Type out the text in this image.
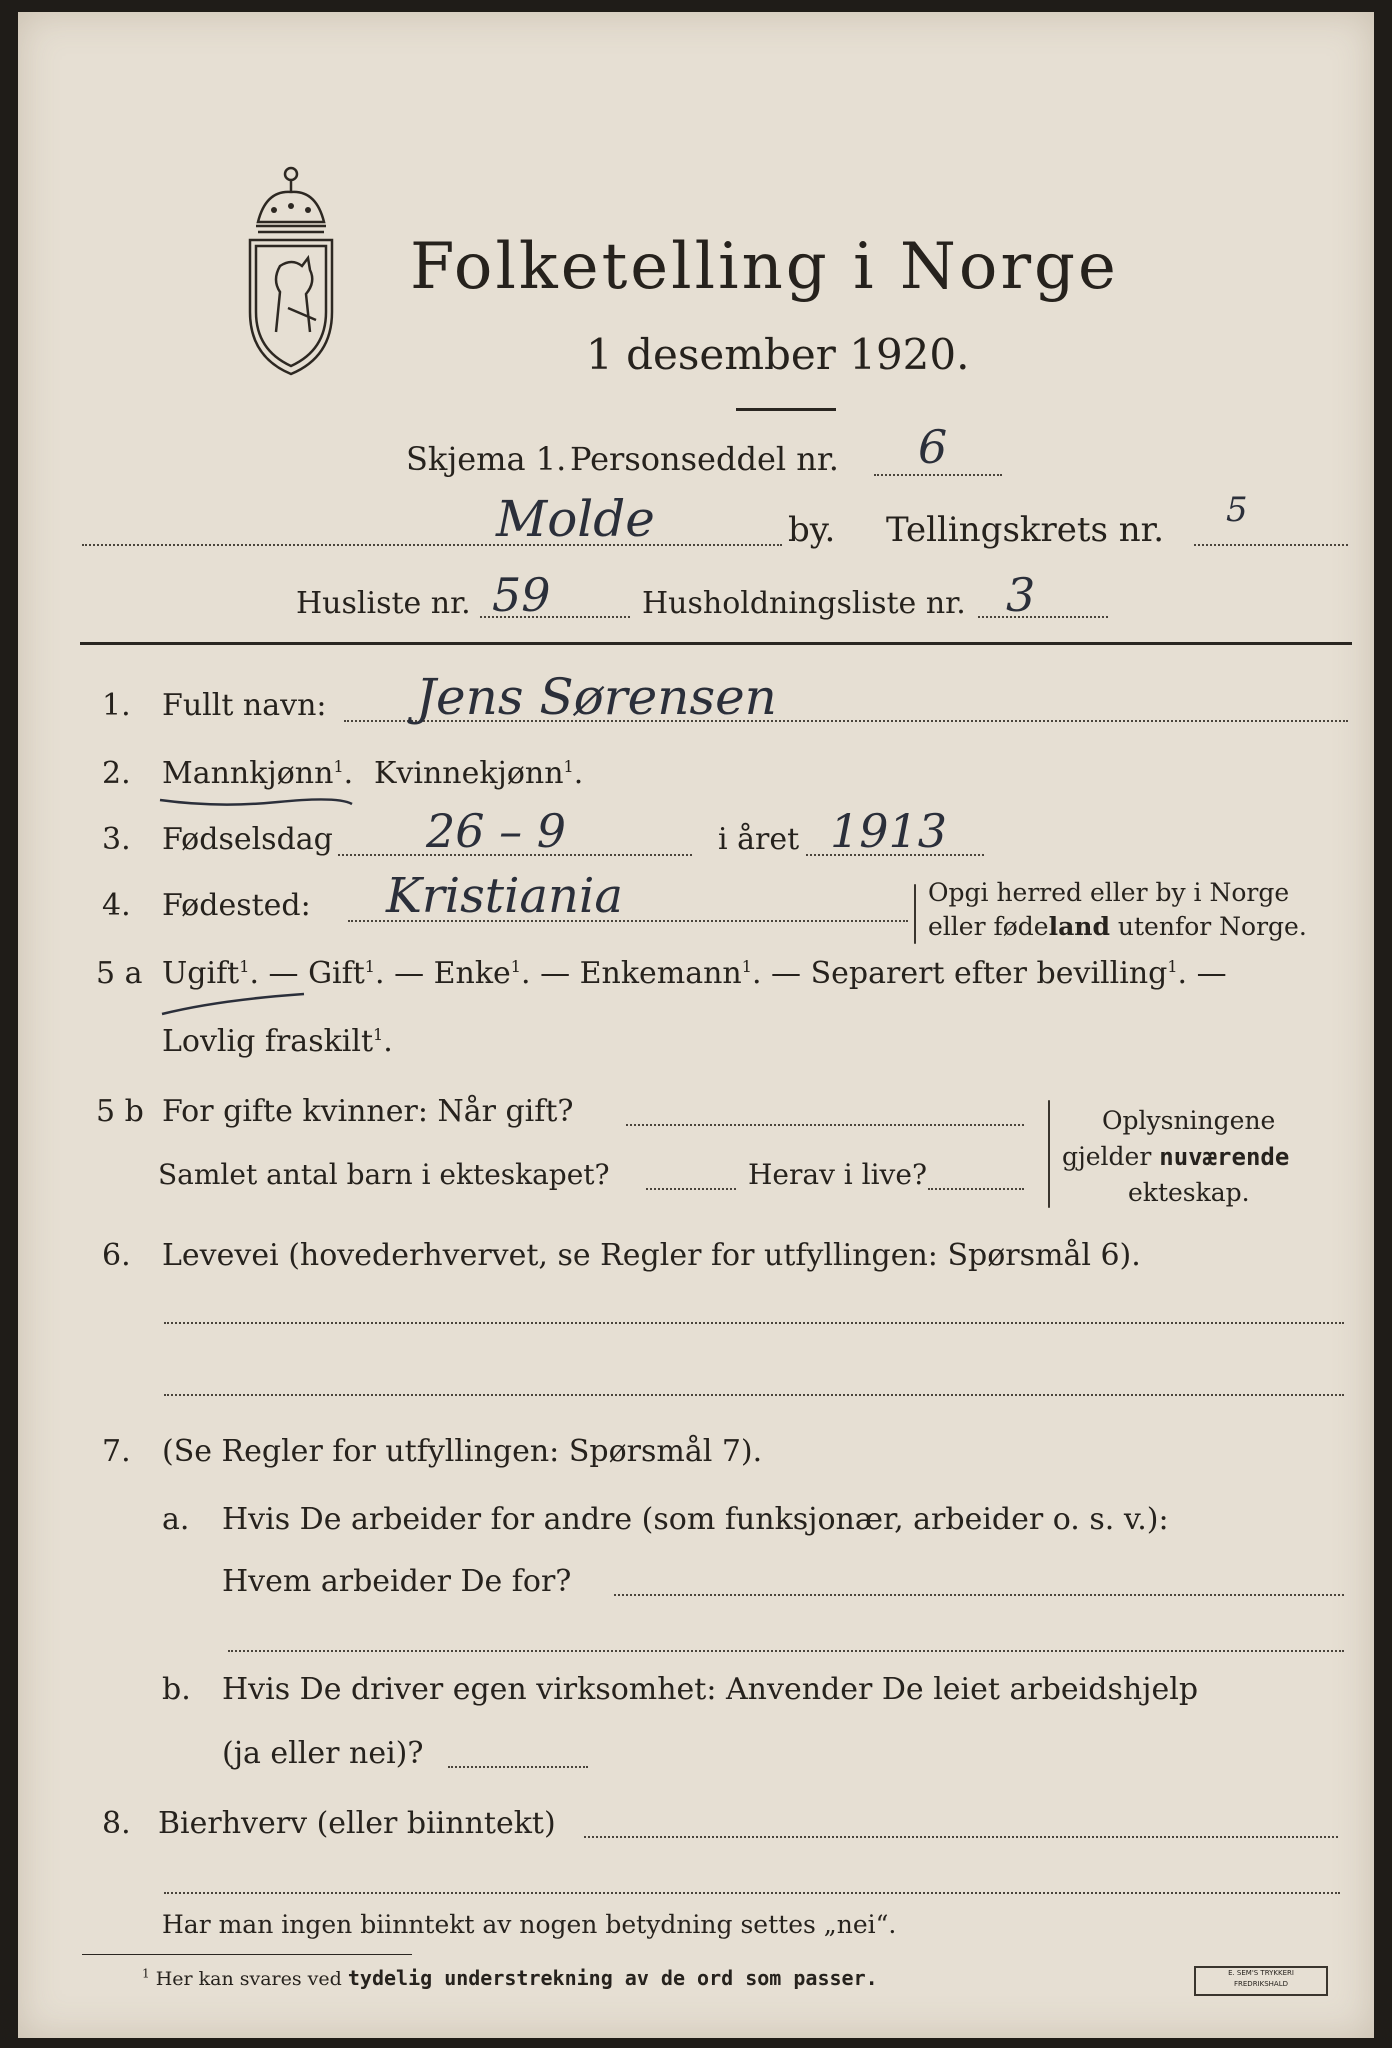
Folketelling i Norge
1 desember 1920.
Skjema 1. Personseddel nr. 6
Molde	by. Tellingskrets nr. 5
Husliste nr. 59	Husholdningsliste nr. 3
1. Fullt navn: Jens Sørensen
2. Mannkjønn$^1$. Kvinnekjønn$^1$.
3. Fødselsdag 26 – 9	i året 1913
4. Fødested: Kristiania	Opgi herred eller by i Norge
eller fødeland utenfor Norge.
5 a Ugift$^1$. — Gift$^1$. — Enke$^1$. — Enkemann$^1$. — Separert efter bevilling$^1$. —
Lovlig fraskilt$^1$.
5 b For gifte kvinner: Når gift?
Samlet antal barn i ekteskapet?	Herav i live?
Oplysningene
gjelder nuværende
ekteskap.
6. Levevei (hovederhvervet, se Regler for utfyllingen: Spørsmål 6).
7. (Se Regler for utfyllingen: Spørsmål 7).
a. Hvis De arbeider for andre (som funksjonær, arbeider o. s. v.):
Hvem arbeider De for?
b. Hvis De driver egen virksomhet: Anvender De leiet arbeidshjelp
(ja eller nei)?
8. Bierhverv (eller biinntekt)
Har man ingen biinntekt av nogen betydning settes „nei“.
$^1$ Her kan svares ved tydelig understrekning av de ord som passer.	E. SEM'S TRYKKERI
FREDRIKSHALD
